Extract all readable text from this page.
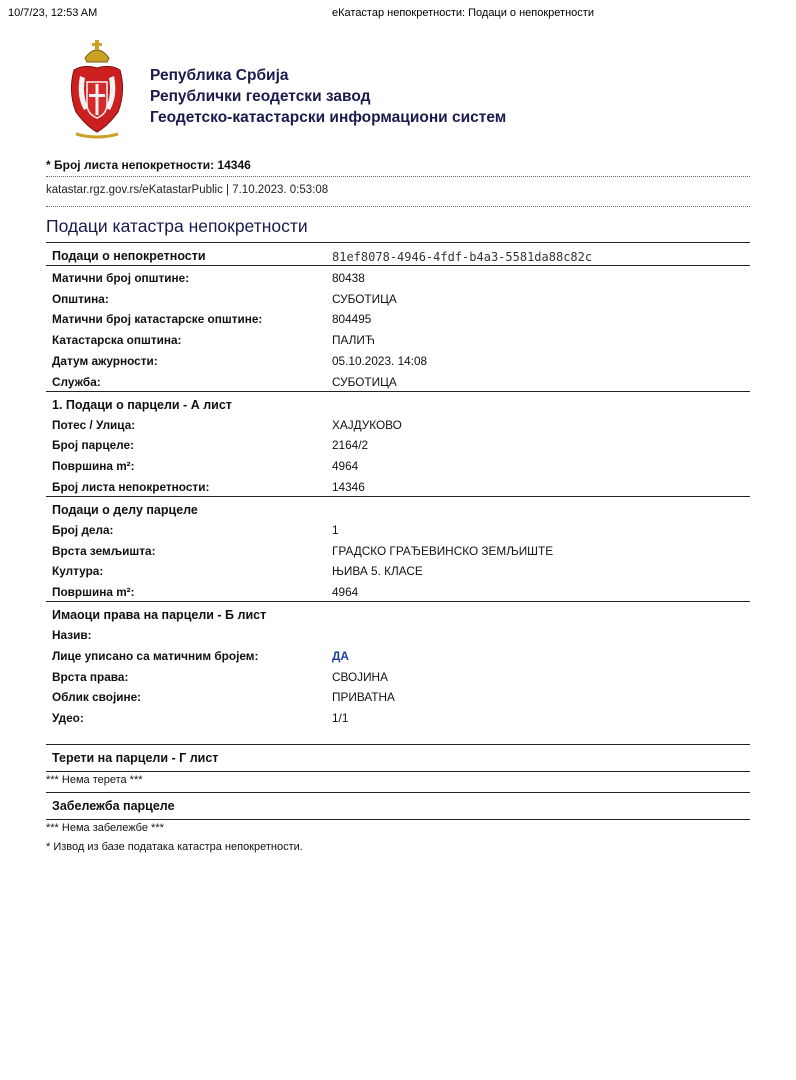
10/7/23, 12:53 AM	еКатастар непокретности: Подаци о непокретности
Република Србија
Републички геодетски завод
Геодетско-катастарски информациони систем
* Број листа непокретности: 14346
katastar.rgz.gov.rs/eKatastarPublic | 7.10.2023. 0:53:08
Подаци катастра непокретности
Подаци о непокретности	81ef8078-4946-4fdf-b4a3-5581da88c82c
Матични број општине:	80438
Општина:	СУБОТИЦА
Матични број катастарске општине:	804495
Катастарска општина:	ПАЛИЋ
Датум ажурности:	05.10.2023. 14:08
Служба:	СУБОТИЦА
1. Подаци о парцели - А лист
Потес / Улица:	ХАЈДУКОВО
Број парцеле:	2164/2
Површина m²:	4964
Број листа непокретности:	14346
Подаци о делу парцеле
Број дела:	1
Врста земљишта:	ГРАДСКО ГРАЂЕВИНСКО ЗЕМЉИШТЕ
Култура:	ЊИВА 5. КЛАСЕ
Површина m²:	4964
Имаоци права на парцели - Б лист
Назив:
Лице уписано са матичним бројем:	ДА
Врста права:	СВОЈИНА
Облик својине:	ПРИВАТНА
Удео:	1/1
Терети на парцели - Г лист
*** Нема терета ***
Забележба парцеле
*** Нема забележбе ***
* Извод из базе података катастра непокретности.
